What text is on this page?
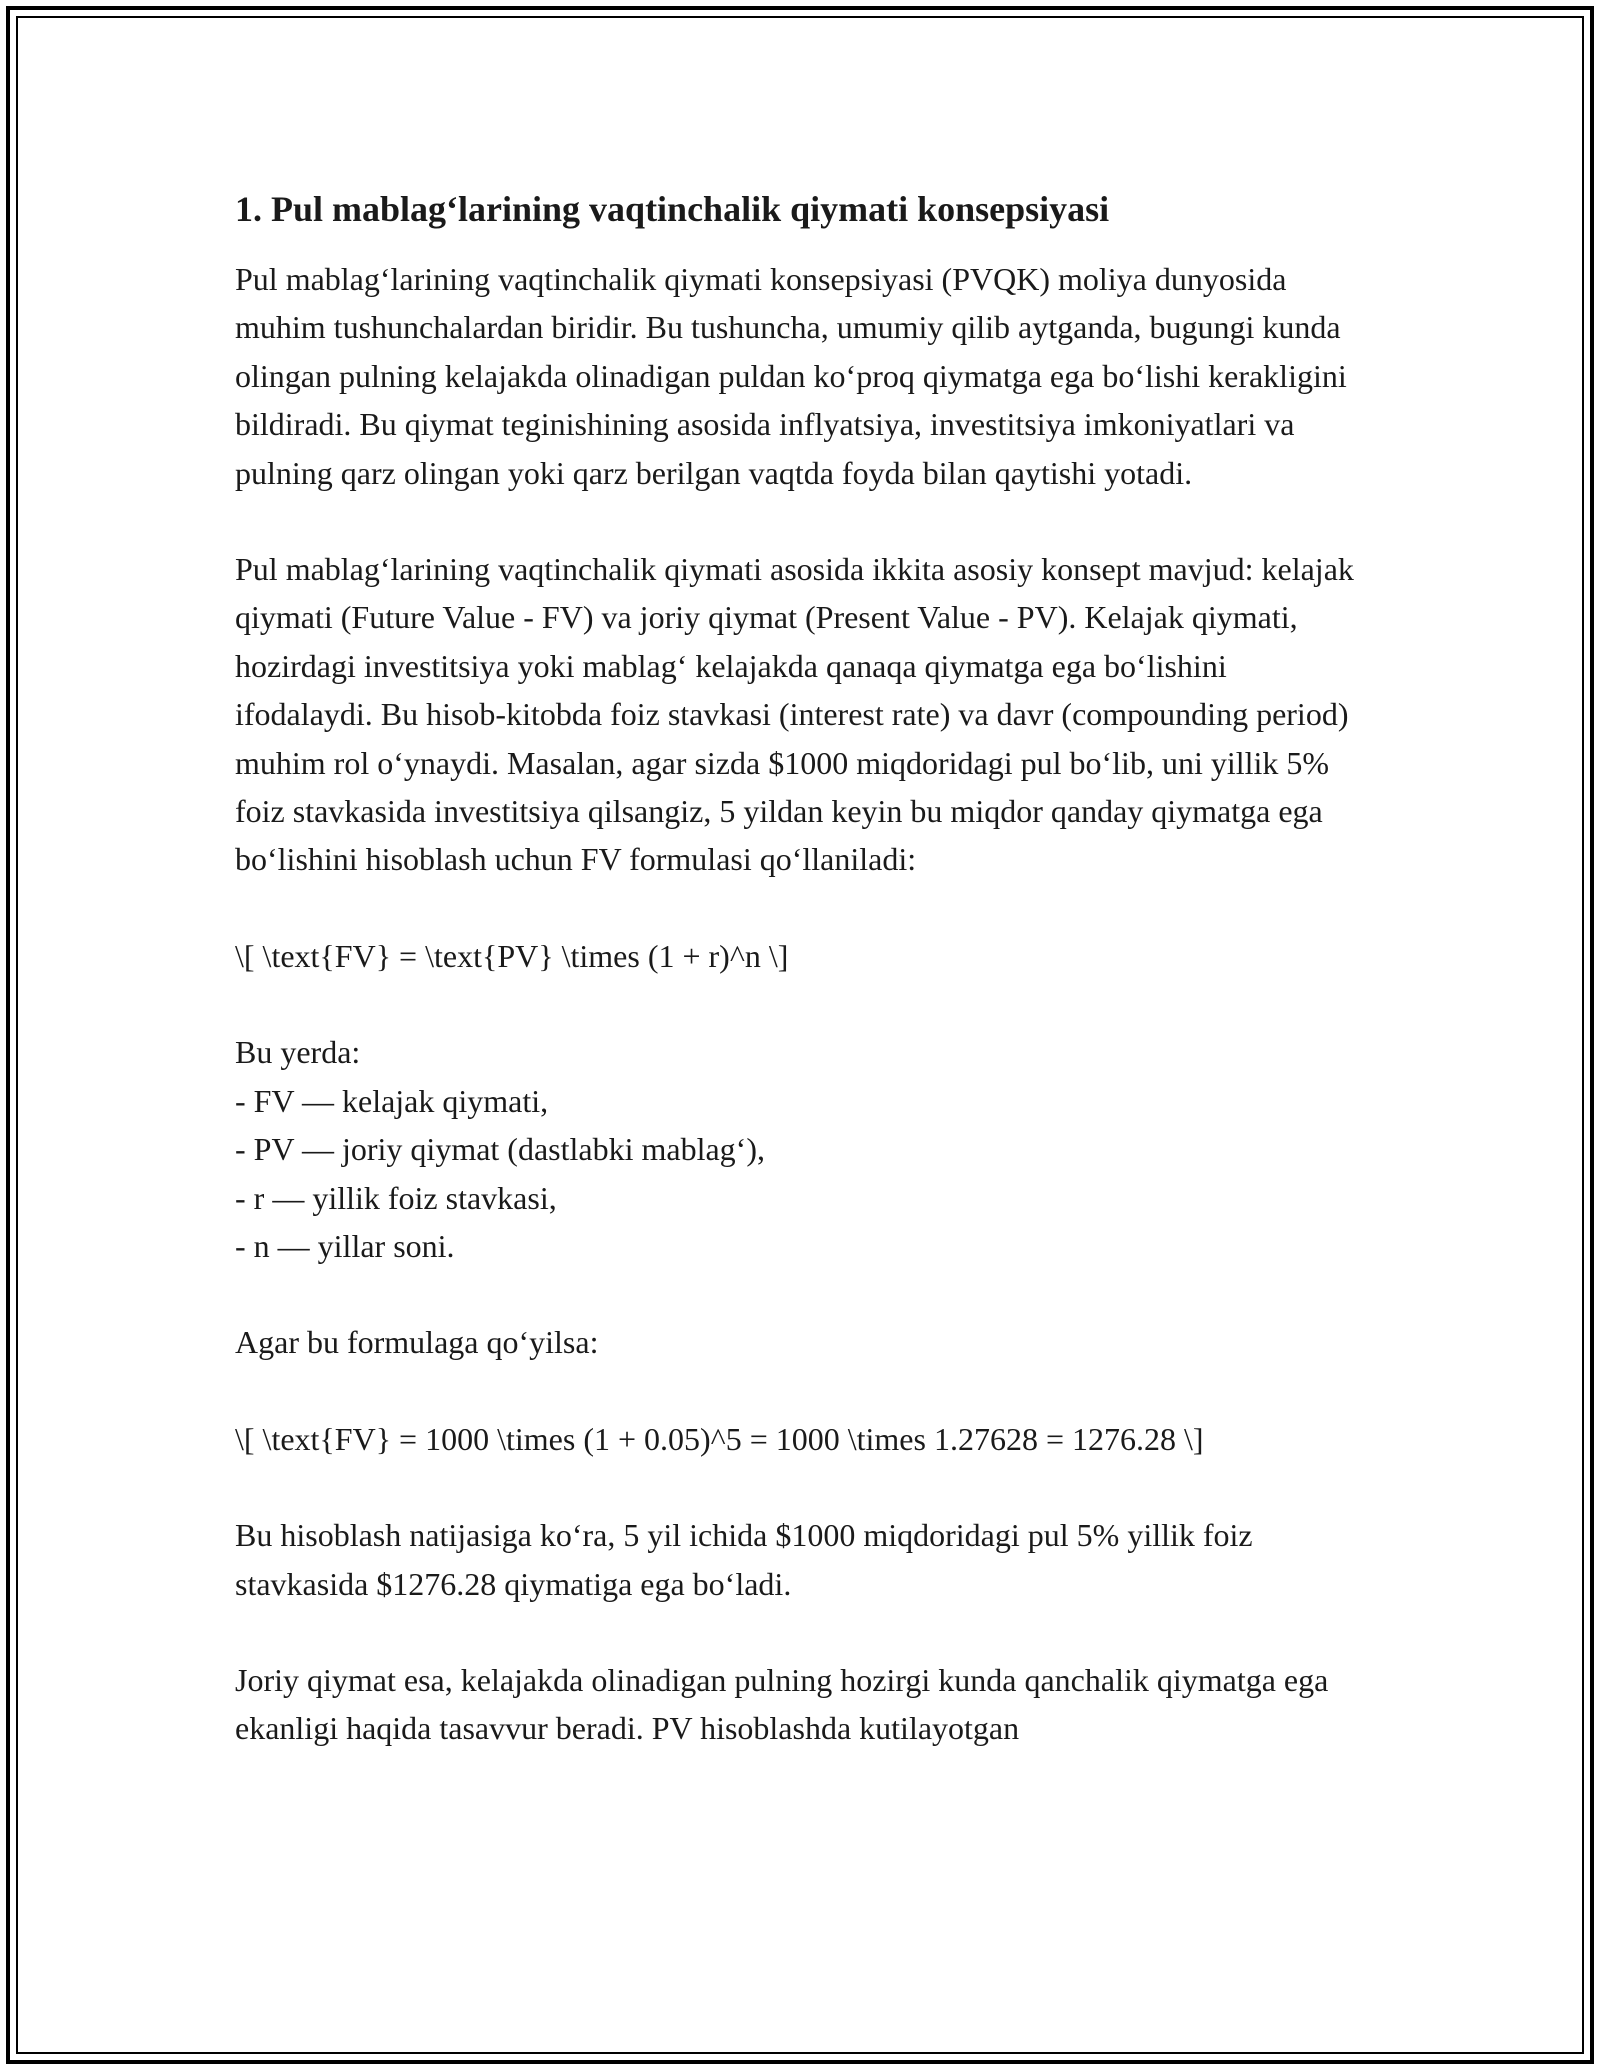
1. Pul mablag‘larining vaqtinchalik qiymati konsepsiyasi
Pul mablag‘larining vaqtinchalik qiymati konsepsiyasi (PVQK) moliya dunyosida muhim tushunchalardan biridir. Bu tushuncha, umumiy qilib aytganda, bugungi kunda olingan pulning kelajakda olinadigan puldan ko‘proq qiymatga ega bo‘lishi kerakligini bildiradi. Bu qiymat teginishining asosida inflyatsiya, investitsiya imkoniyatlari va pulning qarz olingan yoki qarz berilgan vaqtda foyda bilan qaytishi yotadi.
Pul mablag‘larining vaqtinchalik qiymati asosida ikkita asosiy konsept mavjud: kelajak qiymati (Future Value - FV) va joriy qiymat (Present Value - PV). Kelajak qiymati, hozirdagi investitsiya yoki mablag‘ kelajakda qanaqa qiymatga ega bo‘lishini ifodalaydi. Bu hisob-kitobda foiz stavkasi (interest rate) va davr (compounding period) muhim rol o‘ynaydi. Masalan, agar sizda $1000 miqdoridagi pul bo‘lib, uni yillik 5% foiz stavkasida investitsiya qilsangiz, 5 yildan keyin bu miqdor qanday qiymatga ega bo‘lishini hisoblash uchun FV formulasi qo‘llaniladi:
\[ \text{FV} = \text{PV} \times (1 + r)^n \]
Bu yerda:
- FV — kelajak qiymati,
- PV — joriy qiymat (dastlabki mablag‘),
- r — yillik foiz stavkasi,
- n — yillar soni.
Agar bu formulaga qo‘yilsa:
\[ \text{FV} = 1000 \times (1 + 0.05)^5 = 1000 \times 1.27628 = 1276.28 \]
Bu hisoblash natijasiga ko‘ra, 5 yil ichida $1000 miqdoridagi pul 5% yillik foiz stavkasida $1276.28 qiymatiga ega bo‘ladi.
Joriy qiymat esa, kelajakda olinadigan pulning hozirgi kunda qanchalik qiymatga ega ekanligi haqida tasavvur beradi. PV hisoblashda kutilayotgan
